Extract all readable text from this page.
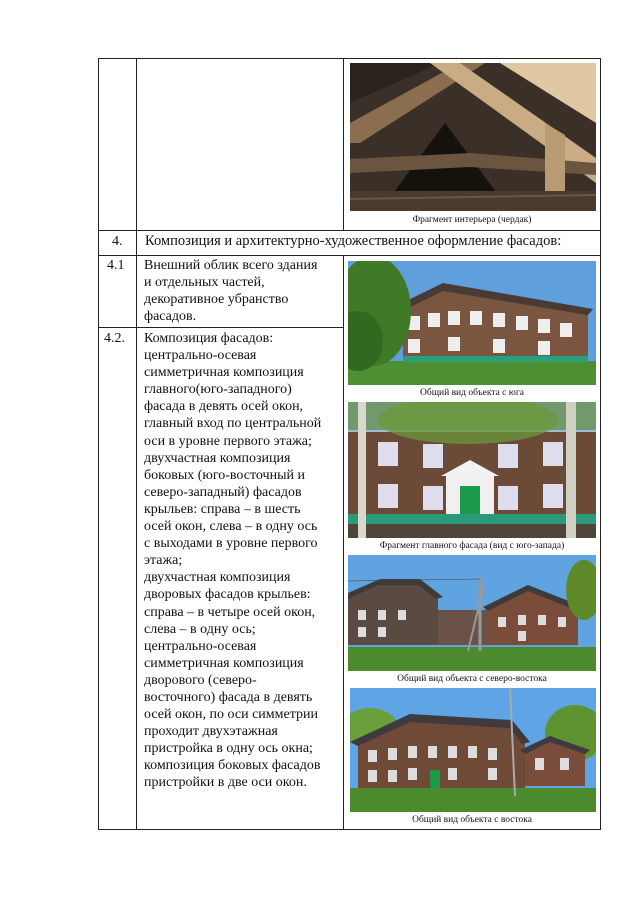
4. Композиция и архитектурно-художественное оформление фасадов:
4.1 Внешний облик всего здания
и отдельных частей,
декоративное убранство
фасадов.
4.2. Композиция фасадов:
центрально-осевая
симметричная композиция
главного(юго-западного)
фасада в девять осей окон,
главный вход по центральной
оси в уровне первого этажа;
двухчастная композиция
боковых (юго-восточный и
северо-западный) фасадов
крыльев: справа – в шесть
осей окон, слева – в одну ось
с выходами в уровне первого
этажа;
двухчастная композиция
дворовых фасадов крыльев:
справа – в четыре осей окон,
слева – в одну ось;
центрально-осевая
симметричная композиция
дворового (северо-
восточного) фасада в девять
осей окон, по оси симметрии
проходит двухэтажная
пристройка в одну ось окна;
композиция боковых фасадов
пристройки в две оси окон.
Фрагмент интерьера (чердак)
Общий вид объекта с юга
Фрагмент главного фасада (вид с юго-запада)
Общий вид объекта с северо-востока
Общий вид объекта с востока
